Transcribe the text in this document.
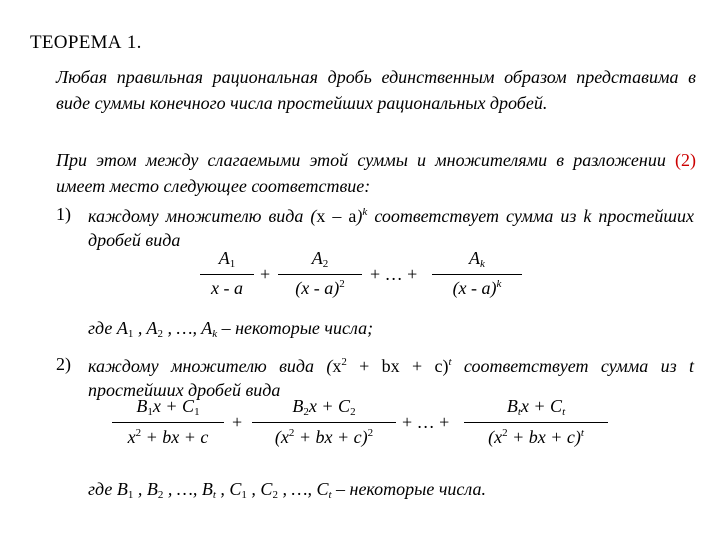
ТЕОРЕМА 1.
Любая правильная рациональная дробь единственным образом представима в виде суммы конечного числа простейших рациональных дробей.
При этом между слагаемыми этой суммы и множителями в разложении (2) имеет место следующее соответствие:
1) каждому множителю вида (x – a)$^k$ соответствует сумма из k простейших дробей вида
$A_1$
x - a
+
$A_2$
(x - a)$^2$	+ … +
$A_k$
(x - a)$^k$
где $A_1$ , $A_2$ , …, $A_k$ – некоторые числа;
2) каждому множителю вида ($x^2$ + bx + c)$^t$ соответствует сумма из t простейших дробей вида
$B_1x + C_1$
$x^2$ + bx + c
+
$B_2x + C_2$
($x^2$ + bx + c)$^2$
+ … +
$B_tx + C_t$
($x^2$ + bx + c)$^t$
где $B_1$ , $B_2$ , …, $B_t$ , $C_1$ , $C_2$ , …, $C_t$ – некоторые числа.
